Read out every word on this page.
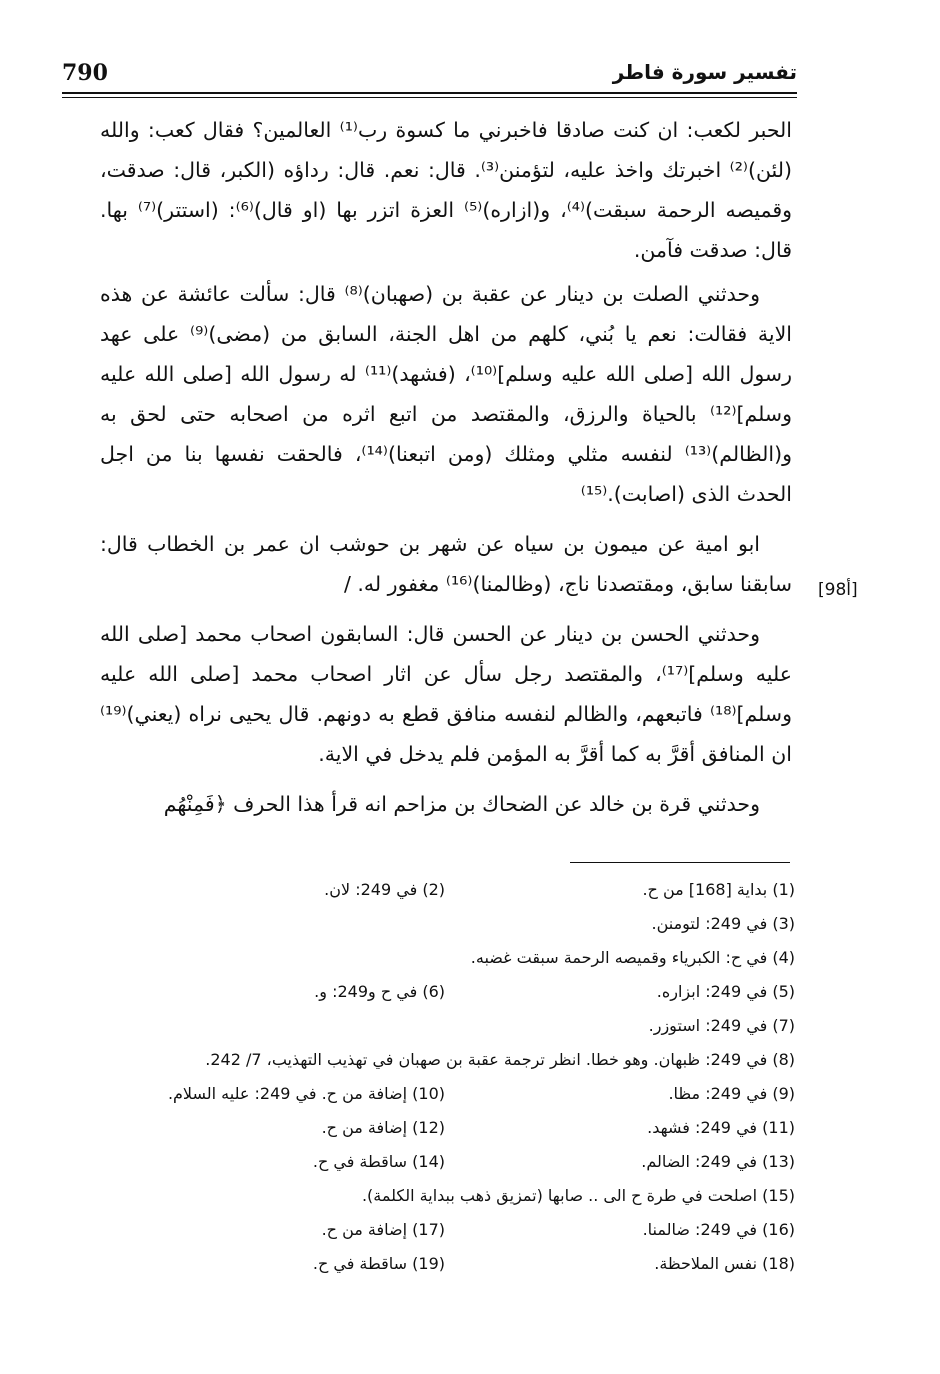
790	تفسير سورة فاطر

الحبر لكعب: ان كنت صادقا فاخبرني ما كسوة رب⁽¹⁾ العالمين؟ فقال كعب: والله (لئن)⁽²⁾ اخبرتك واخذ عليه، لتؤمنن⁽³⁾. قال: نعم. قال: رداؤه (الكبر، قال: صدقت، وقميصه الرحمة سبقت)⁽⁴⁾، و(ازاره)⁽⁵⁾ العزة اتزر بها (او قال)⁽⁶⁾: (استتر)⁽⁷⁾ بها. قال: صدقت فآمن.

وحدثني الصلت بن دينار عن عقبة بن (صهبان)⁽⁸⁾ قال: سألت عائشة عن هذه الاية فقالت: نعم يا بُني، كلهم من اهل الجنة، السابق من (مضى)⁽⁹⁾ على عهد رسول الله [صلى الله عليه وسلم]⁽¹⁰⁾، (فشهد)⁽¹¹⁾ له رسول الله [صلى الله عليه وسلم]⁽¹²⁾ بالحياة والرزق، والمقتصد من اتبع اثره من اصحابه حتى لحق به و(الظالم)⁽¹³⁾ لنفسه مثلي ومثلك (ومن اتبعنا)⁽¹⁴⁾، فالحقت نفسها بنا من اجل الحدث الذى (اصابت).⁽¹⁵⁾

ابو امية عن ميمون بن سياه عن شهر بن حوشب ان عمر بن الخطاب قال: سابقنا سابق، ومقتصدنا ناج، (وظالمنا)⁽¹⁶⁾ مغفور له. /

وحدثني الحسن بن دينار عن الحسن قال: السابقون اصحاب محمد [صلى الله عليه وسلم]⁽¹⁷⁾، والمقتصد رجل سأل عن اثار اصحاب محمد [صلى الله عليه وسلم]⁽¹⁸⁾ فاتبعهم، والظالم لنفسه منافق قطع به دونهم. قال يحيى نراه (يعني)⁽¹⁹⁾ ان المنافق أقرَّ به كما أقرَّ به المؤمن فلم يدخل في الاية.

وحدثني قرة بن خالد عن الضحاك بن مزاحم انه قرأ هذا الحرف ﴿فَمِنْهُم

[98أ]
(1) بداية [168] من ح.
(2) في 249: لان.
(3) في 249: لتومنن.
(4) في ح: الكبرياء وقميصه الرحمة سبقت غضبه.
(5) في 249: ابزاره.
(6) في ح و249: و.
(7) في 249: استوزر.
(8) في 249: ظبهان. وهو خطا. انظر ترجمة عقبة بن صهبان في تهذيب التهذيب، 7/ 242.
(9) في 249: مظا.
(10) إضافة من ح. في 249: عليه السلام.
(11) في 249: فشهد.
(12) إضافة من ح.
(13) في 249: الضالم.
(14) ساقطة في ح.
(15) اصلحت في طرة ح الى .. صابها (تمزيق ذهب ببداية الكلمة).
(16) في 249: ضالمنا.
(17) إضافة من ح.
(18) نفس الملاحظة.
(19) ساقطة في ح.
